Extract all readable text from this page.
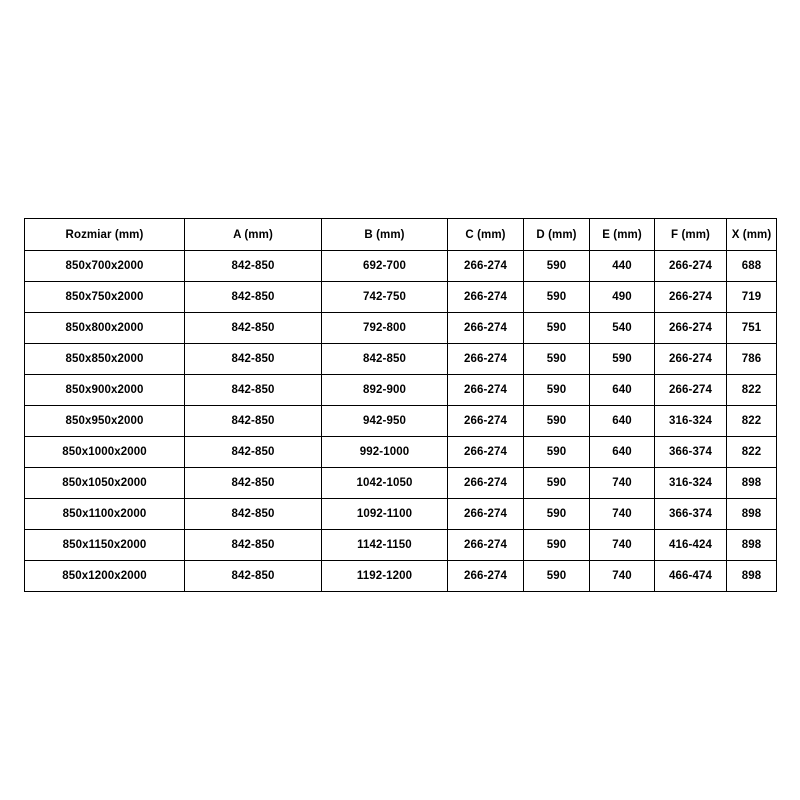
Rozmiar (mm)	A (mm)	B (mm)	C (mm)	D (mm)	E (mm)	F (mm)	X (mm)
850x700x2000	842-850	692-700	266-274	590	440	266-274	688
850x750x2000	842-850	742-750	266-274	590	490	266-274	719
850x800x2000	842-850	792-800	266-274	590	540	266-274	751
850x850x2000	842-850	842-850	266-274	590	590	266-274	786
850x900x2000	842-850	892-900	266-274	590	640	266-274	822
850x950x2000	842-850	942-950	266-274	590	640	316-324	822
850x1000x2000	842-850	992-1000	266-274	590	640	366-374	822
850x1050x2000	842-850	1042-1050	266-274	590	740	316-324	898
850x1100x2000	842-850	1092-1100	266-274	590	740	366-374	898
850x1150x2000	842-850	1142-1150	266-274	590	740	416-424	898
850x1200x2000	842-850	1192-1200	266-274	590	740	466-474	898
